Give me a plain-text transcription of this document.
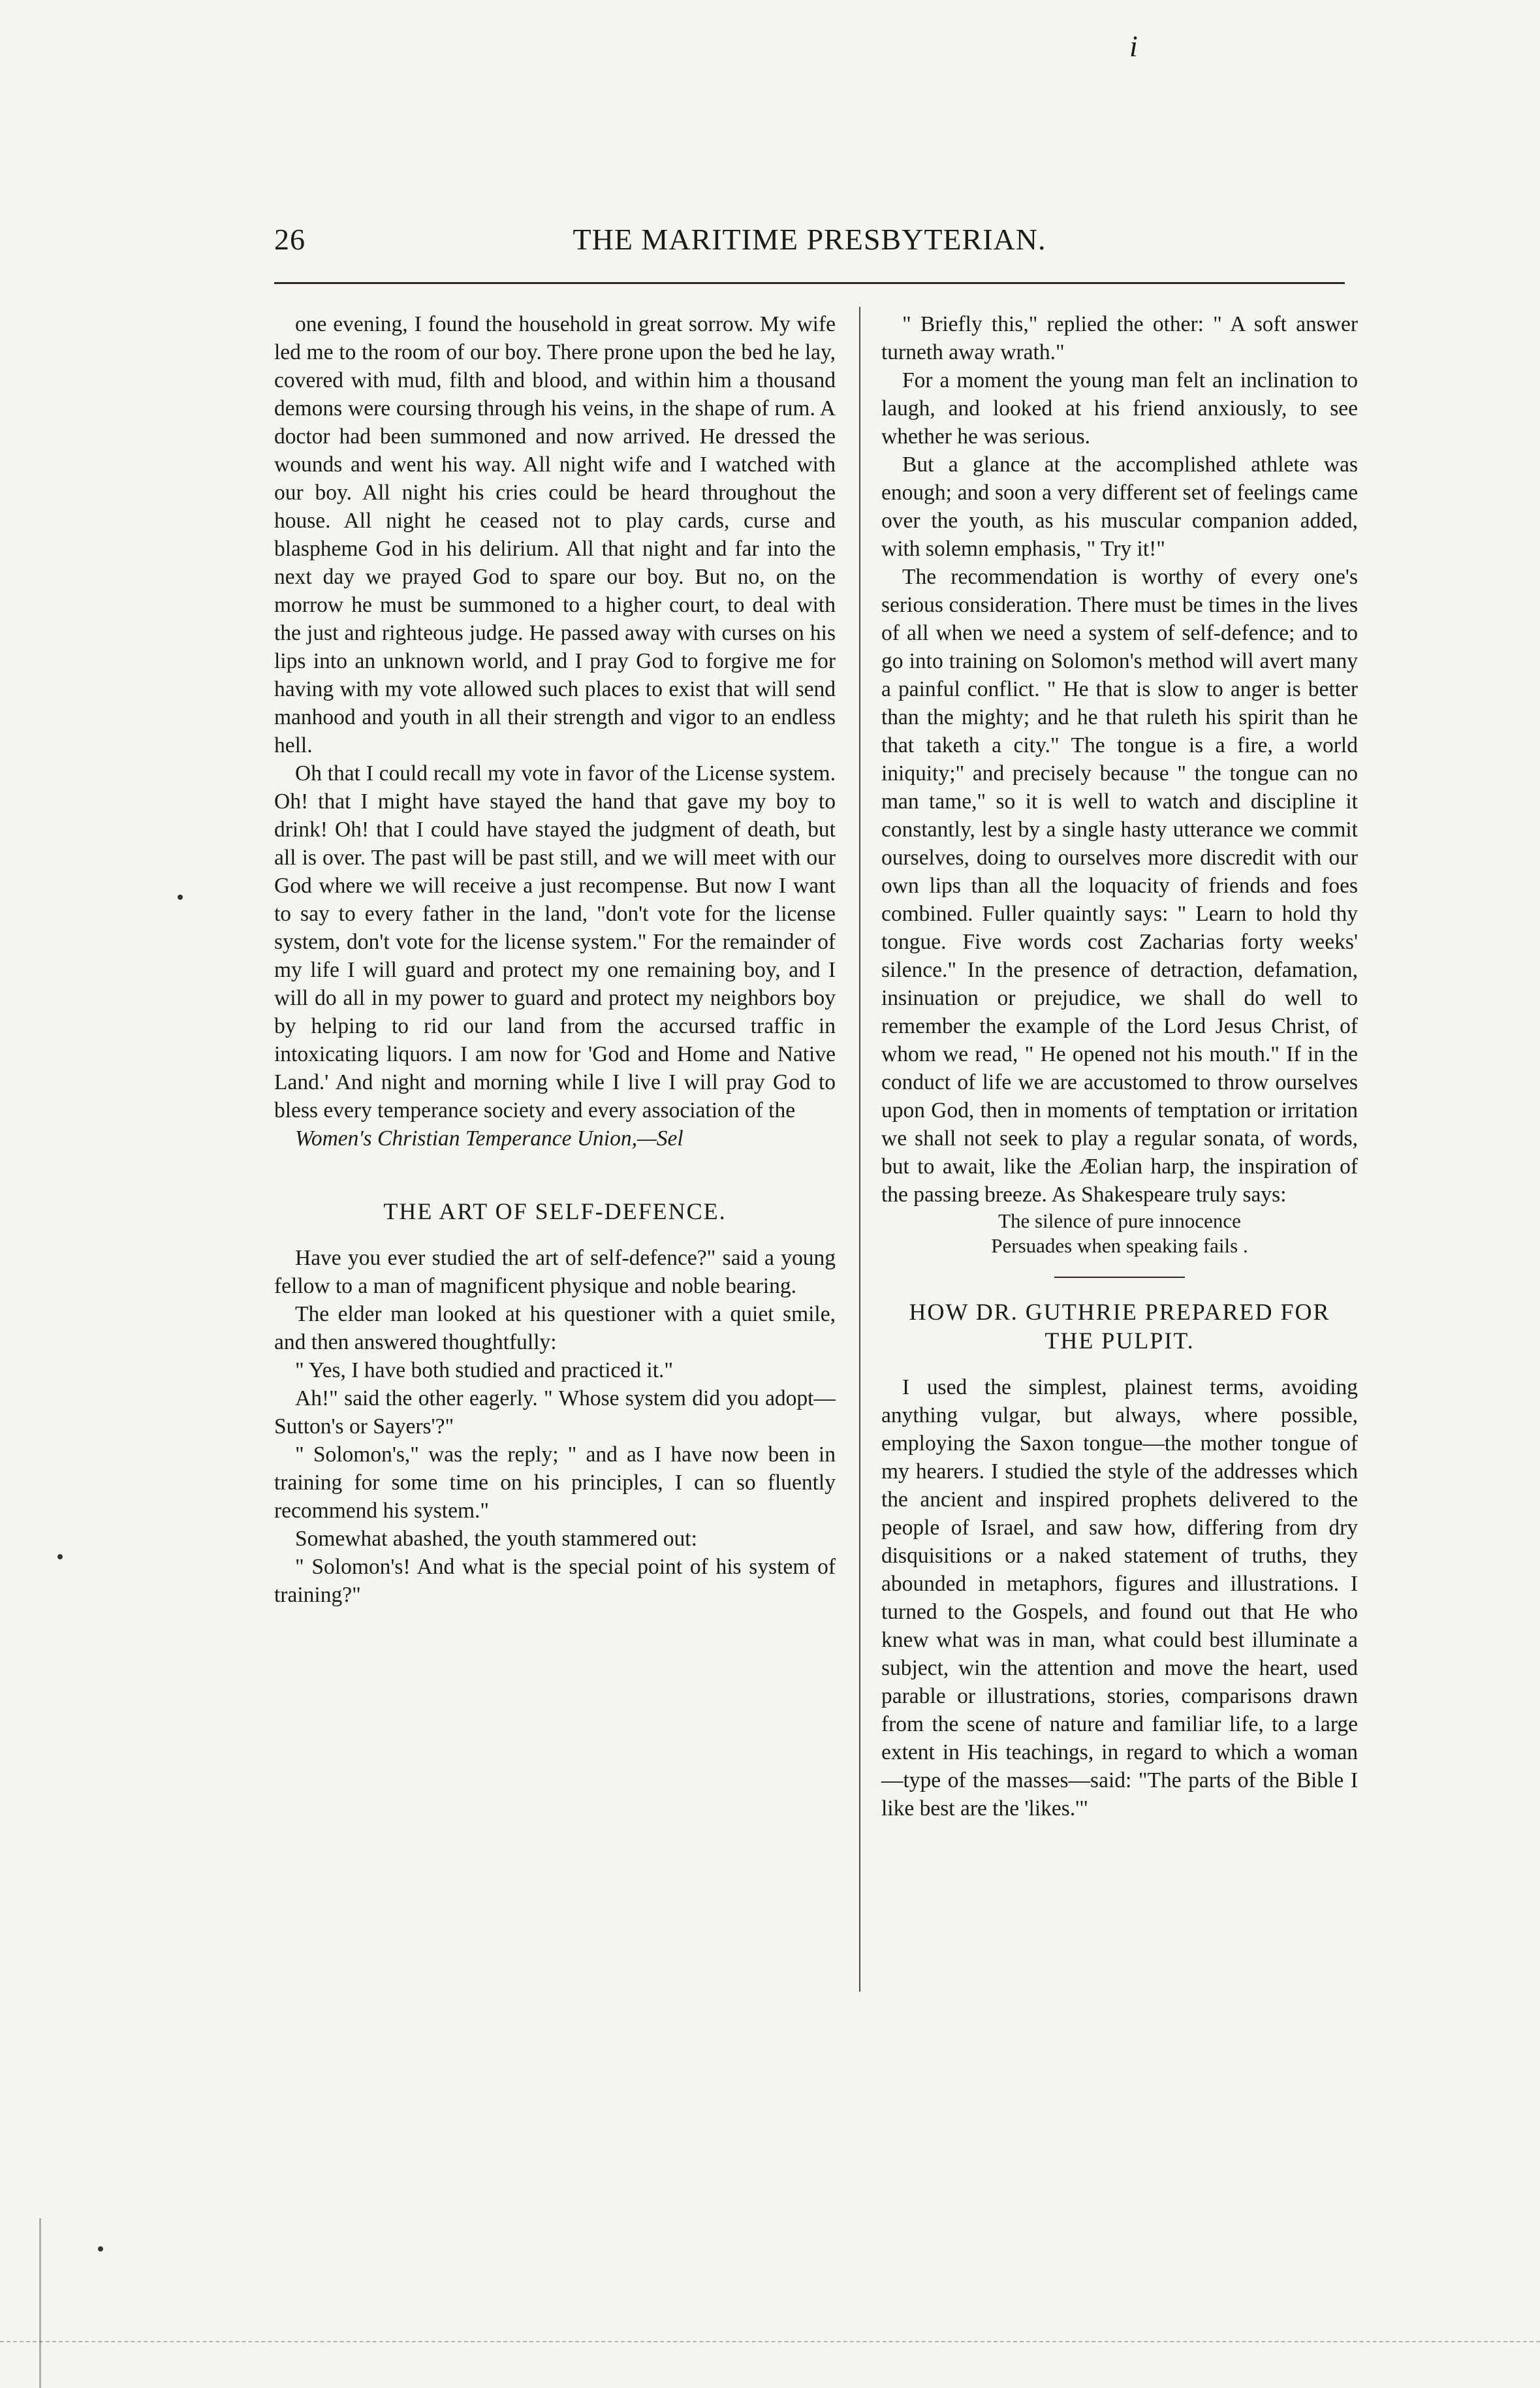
i
26	THE MARITIME PRESBYTERIAN.

one evening, I found the household in great sorrow. My wife led me to the room of our boy. There prone upon the bed he lay, covered with mud, filth and blood, and within him a thousand demons were coursing through his veins, in the shape of rum. A doctor had been summoned and now arrived. He dressed the wounds and went his way. All night wife and I watched with our boy. All night his cries could be heard throughout the house. All night he ceased not to play cards, curse and blaspheme God in his delirium. All that night and far into the next day we prayed God to spare our boy. But no, on the morrow he must be summoned to a higher court, to deal with the just and righteous judge. He passed away with curses on his lips into an unknown world, and I pray God to forgive me for having with my vote allowed such places to exist that will send manhood and youth in all their strength and vigor to an endless hell.

Oh that I could recall my vote in favor of the License system. Oh! that I might have stayed the hand that gave my boy to drink! Oh! that I could have stayed the judgment of death, but all is over. The past will be past still, and we will meet with our God where we will receive a just recompense. But now I want to say to every father in the land, "don't vote for the license system, don't vote for the license system." For the remainder of my life I will guard and protect my one remaining boy, and I will do all in my power to guard and protect my neighbors boy by helping to rid our land from the accursed traffic in intoxicating liquors. I am now for 'God and Home and Native Land.' And night and morning while I live I will pray God to bless every temperance society and every association of the

Women's Christian Temperance Union,—Sel

THE ART OF SELF-DEFENCE.

Have you ever studied the art of self-defence?" said a young fellow to a man of magnificent physique and noble bearing.

The elder man looked at his questioner with a quiet smile, and then answered thoughtfully:

" Yes, I have both studied and practiced it."

Ah!" said the other eagerly. " Whose system did you adopt—Sutton's or Sayers'?"

" Solomon's," was the reply; " and as I have now been in training for some time on his principles, I can so fluently recommend his system."

Somewhat abashed, the youth stammered out:

" Solomon's! And what is the special point of his system of training?"

" Briefly this," replied the other: " A soft answer turneth away wrath."

For a moment the young man felt an inclination to laugh, and looked at his friend anxiously, to see whether he was serious.

But a glance at the accomplished athlete was enough; and soon a very different set of feelings came over the youth, as his muscular companion added, with solemn emphasis, " Try it!"

The recommendation is worthy of every one's serious consideration. There must be times in the lives of all when we need a system of self-defence; and to go into training on Solomon's method will avert many a painful conflict. " He that is slow to anger is better than the mighty; and he that ruleth his spirit than he that taketh a city." The tongue is a fire, a world iniquity;" and precisely because " the tongue can no man tame," so it is well to watch and discipline it constantly, lest by a single hasty utterance we commit ourselves, doing to ourselves more discredit with our own lips than all the loquacity of friends and foes combined. Fuller quaintly says: " Learn to hold thy tongue. Five words cost Zacharias forty weeks' silence." In the presence of detraction, defamation, insinuation or prejudice, we shall do well to remember the example of the Lord Jesus Christ, of whom we read, " He opened not his mouth." If in the conduct of life we are accustomed to throw ourselves upon God, then in moments of temptation or irritation we shall not seek to play a regular sonata, of words, but to await, like the Æolian harp, the inspiration of the passing breeze. As Shakespeare truly says:

The silence of pure innocence
Persuades when speaking fails .
HOW DR. GUTHRIE PREPARED FOR THE PULPIT.

I used the simplest, plainest terms, avoiding anything vulgar, but always, where possible, employing the Saxon tongue—the mother tongue of my hearers. I studied the style of the addresses which the ancient and inspired prophets delivered to the people of Israel, and saw how, differing from dry disquisitions or a naked statement of truths, they abounded in metaphors, figures and illustrations. I turned to the Gospels, and found out that He who knew what was in man, what could best illuminate a subject, win the attention and move the heart, used parable or illustrations, stories, comparisons drawn from the scene of nature and familiar life, to a large extent in His teachings, in regard to which a woman—type of the masses—said: "The parts of the Bible I like best are the 'likes.'"
